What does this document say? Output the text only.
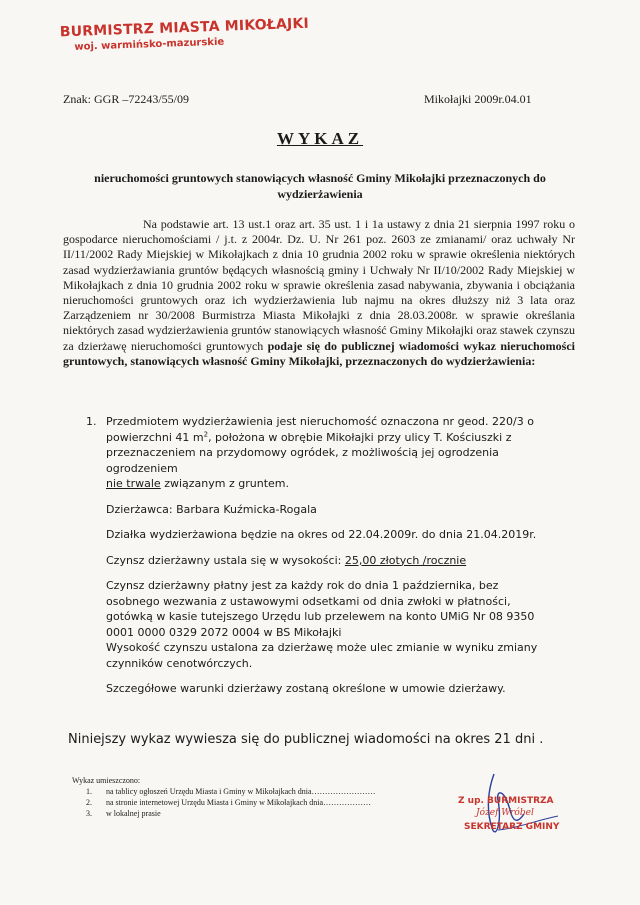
BURMISTRZ MIASTA MIKOŁAJKI
woj. warmińsko-mazurskie
Znak: GGR –72243/55/09	Mikołajki 2009r.04.01
WYKAZ
nieruchomości gruntowych stanowiących własność Gminy Mikołajki przeznaczonych do wydzierżawienia

Na podstawie art. 13 ust.1 oraz art. 35 ust. 1 i 1a ustawy z dnia 21 sierpnia 1997 roku o gospodarce nieruchomościami / j.t. z 2004r. Dz. U. Nr 261 poz. 2603 ze zmianami/ oraz uchwały Nr II/11/2002 Rady Miejskiej w Mikołajkach z dnia 10 grudnia 2002 roku w sprawie określenia niektórych zasad wydzierżawiania gruntów będących własnością gminy i Uchwały Nr II/10/2002 Rady Miejskiej w Mikołajkach z dnia 10 grudnia 2002 roku w sprawie określenia zasad nabywania, zbywania i obciążania nieruchomości gruntowych oraz ich wydzierżawienia lub najmu na okres dłuższy niż 3 lata oraz Zarządzeniem nr 30/2008 Burmistrza Miasta Mikołajki z dnia 28.03.2008r. w sprawie określania niektórych zasad wydzierżawienia gruntów stanowiących własność Gminy Mikołajki oraz stawek czynszu za dzierżawę nieruchomości gruntowych podaje się do publicznej wiadomości wykaz nieruchomości gruntowych, stanowiących własność Gminy Mikołajki, przeznaczonych do wydzierżawienia:

1. Przedmiotem wydzierżawienia jest nieruchomość oznaczona nr geod. 220/3 o powierzchni 41 $m^2$, położona w obrębie Mikołajki przy ulicy T. Kościuszki z przeznaczeniem na przydomowy ogródek, z możliwością jej ogrodzenia ogrodzeniem
nie trwale związanym z gruntem.

Dzierżawca: Barbara Kuźmicka-Rogala

Działka wydzierżawiona będzie na okres od 22.04.2009r. do dnia 21.04.2019r.

Czynsz dzierżawny ustala się w wysokości: 25,00 złotych /rocznie

Czynsz dzierżawny płatny jest za każdy rok do dnia 1 października, bez osobnego wezwania z ustawowymi odsetkami od dnia zwłoki w płatności, gotówką w kasie tutejszego Urzędu lub przelewem na konto UMiG Nr 08 9350 0001 0000 0329 2072 0004 w BS Mikołajki

Wysokość czynszu ustalona za dzierżawę może ulec zmianie w wyniku zmiany czynników cenotwórczych.

Szczegółowe warunki dzierżawy zostaną określone w umowie dzierżawy.

Niniejszy wykaz wywiesza się do publicznej wiadomości na okres 21 dni .
Wykaz umieszczono:
1. na tablicy ogłoszeń Urzędu Miasta i Gminy w Mikołajkach dnia……………………
2. na stronie internetowej Urzędu Miasta i Gminy w Mikołajkach dnia………………
3. w lokalnej prasie
Z up. BURMISTRZA
Józef Wróbel
SEKRETARZ GMINY
